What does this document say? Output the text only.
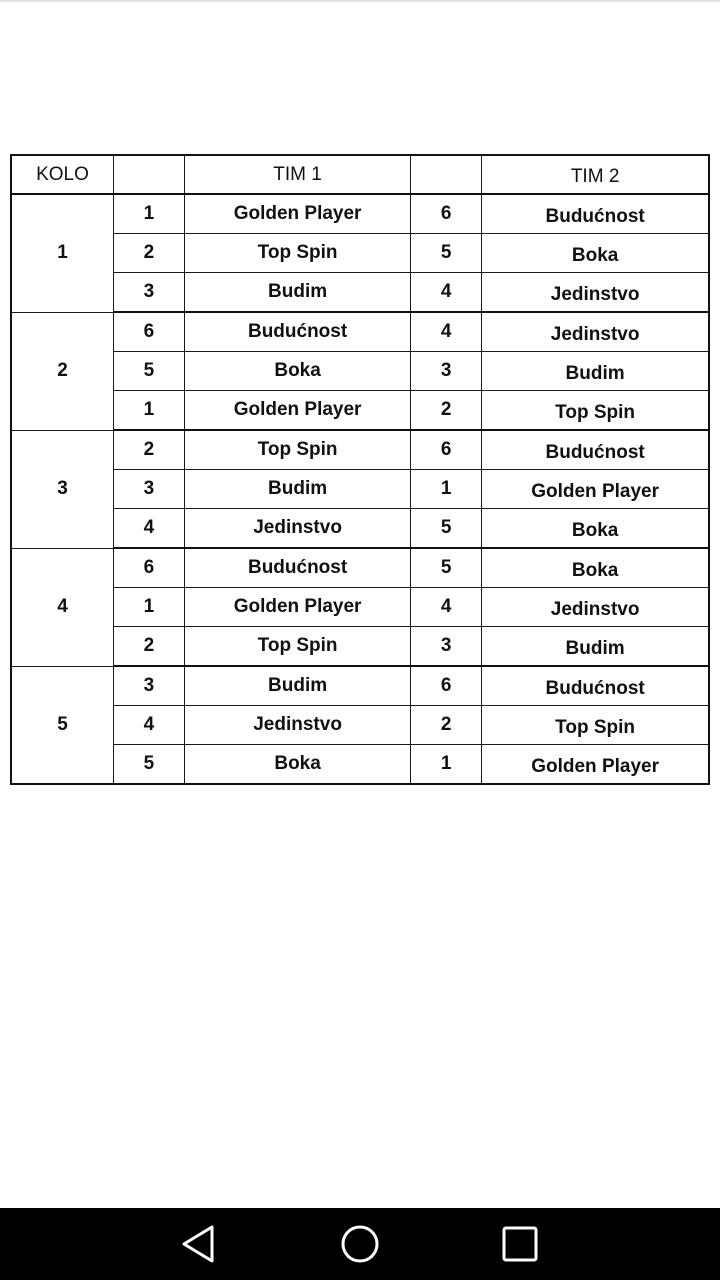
KOLO		TIM 1		TIM 2
1	1	Golden Player	6	Budućnost
	2	Top Spin	5	Boka
	3	Budim	4	Jedinstvo
2	6	Budućnost	4	Jedinstvo
	5	Boka	3	Budim
	1	Golden Player	2	Top Spin
3	2	Top Spin	6	Budućnost
	3	Budim	1	Golden Player
	4	Jedinstvo	5	Boka
4	6	Budućnost	5	Boka
	1	Golden Player	4	Jedinstvo
	2	Top Spin	3	Budim
5	3	Budim	6	Budućnost
	4	Jedinstvo	2	Top Spin
	5	Boka	1	Golden Player
